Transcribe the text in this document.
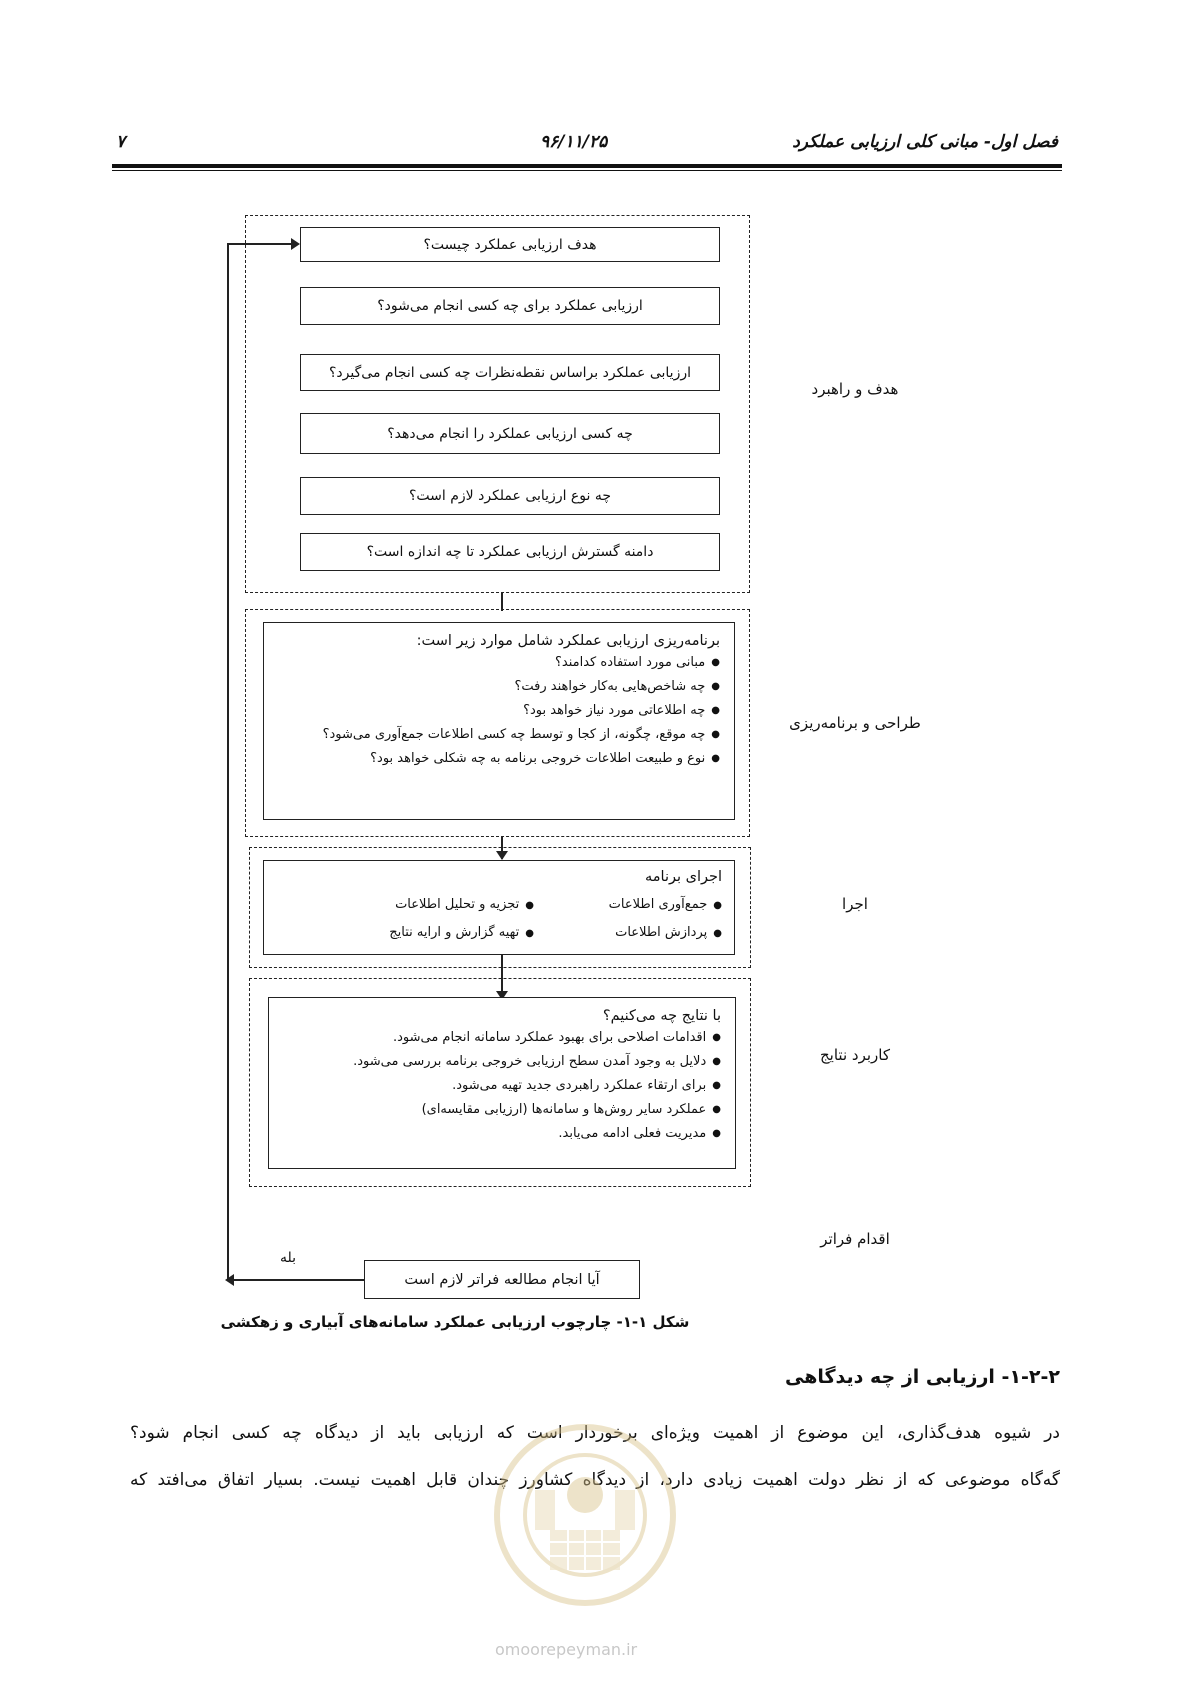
فصل اول- مبانی کلی ارزیابی عملکرد
۹۶/۱۱/۲۵
۷
هدف ارزیابی عملکرد چیست؟
ارزیابی عملکرد برای چه کسی انجام می‌شود؟
ارزیابی عملکرد براساس نقطه‌نظرات چه کسی انجام می‌گیرد؟
چه کسی ارزیابی عملکرد را انجام می‌دهد؟
چه نوع ارزیابی عملکرد لازم است؟
دامنه گسترش ارزیابی عملکرد تا چه اندازه است؟
هدف و راهبرد
برنامه‌ریزی ارزیابی عملکرد شامل موارد زیر است:
● مبانی مورد استفاده کدامند؟
● چه شاخص‌هایی به‌کار خواهند رفت؟
● چه اطلاعاتی مورد نیاز خواهد بود؟
● چه موقع، چگونه، از کجا و توسط چه کسی اطلاعات جمع‌آوری می‌شود؟
● نوع و طبیعت اطلاعات خروجی برنامه به چه شکلی خواهد بود؟
طراحی و برنامه‌ریزی
اجرای برنامه
●جمع‌آوری اطلاعات
●پردازش اطلاعات
●تجزیه و تحلیل اطلاعات
●تهیه گزارش و ارایه نتایج
اجرا
با نتایج چه می‌کنیم؟
● اقدامات اصلاحی برای بهبود عملکرد سامانه انجام می‌شود.
● دلایل به وجود آمدن سطح ارزیابی خروجی برنامه بررسی می‌شود.
● برای ارتقاء عملکرد راهبردی جدید تهیه می‌شود.
● عملکرد سایر روش‌ها و سامانه‌ها (ارزیابی مقایسه‌ای)
● مدیریت فعلی ادامه می‌یابد.
کاربرد نتایج
اقدام فراتر
آیا انجام مطالعه فراتر لازم است
بله
شکل ۱-۱- چارچوب ارزیابی عملکرد سامانه‌های آبیاری و زهکشی
۱-۲-۲- ارزیابی از چه دیدگاهی
در شیوه هدف‌گذاری، این موضوع از اهمیت ویژه‌ای برخوردار است که ارزیابی باید از دیدگاه چه کسی انجام شود؟
گه‌گاه موضوعی که از نظر دولت اهمیت زیادی دارد، از دیدگاه کشاورز چندان قابل اهمیت نیست. بسیار اتفاق می‌افتد که
omoorepeyman.ir
